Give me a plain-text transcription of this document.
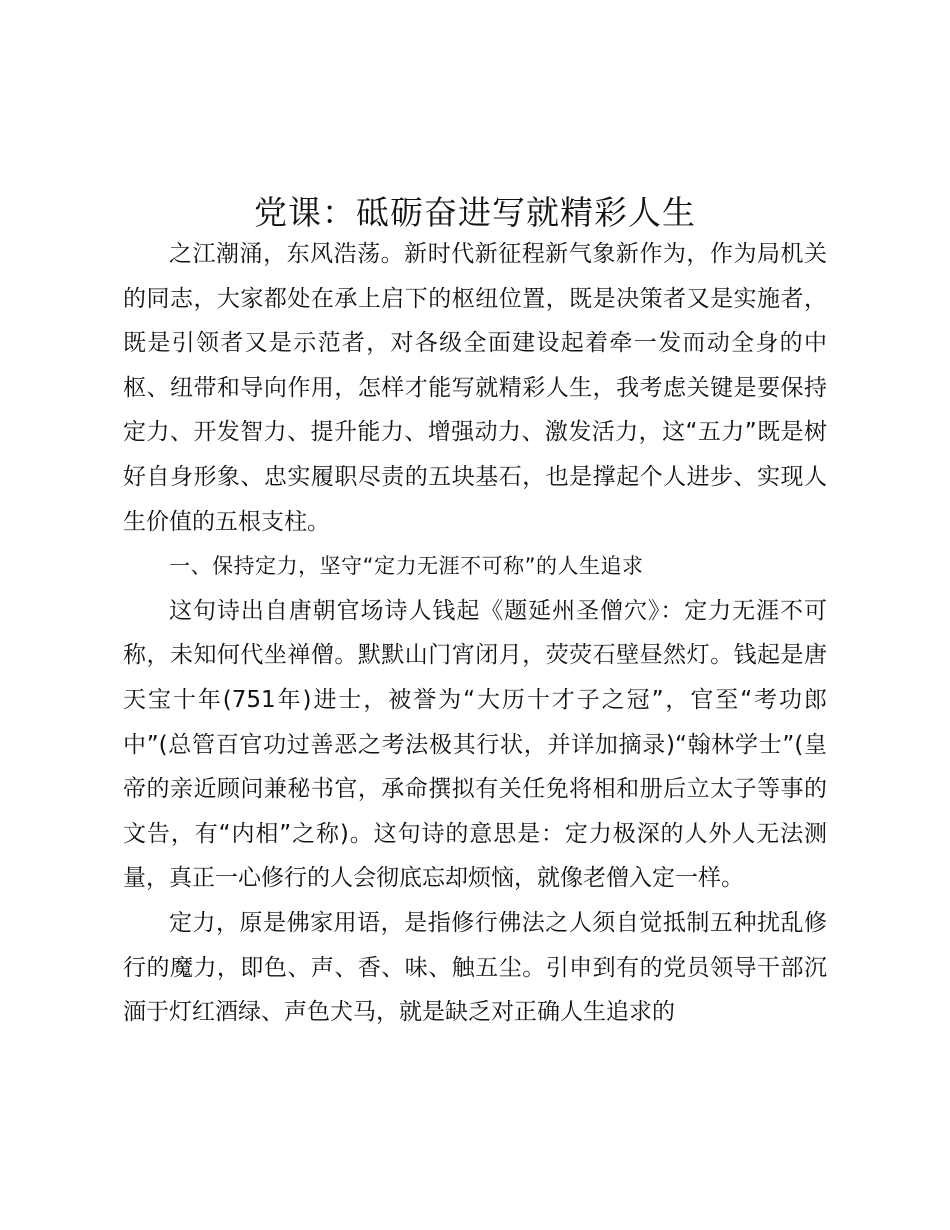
党课：砥砺奋进写就精彩人生

之江潮涌，东风浩荡。新时代新征程新气象新作为，作为局机关的同志，大家都处在承上启下的枢纽位置，既是决策者又是实施者，既是引领者又是示范者，对各级全面建设起着牵一发而动全身的中枢、纽带和导向作用，怎样才能写就精彩人生，我考虑关键是要保持定力、开发智力、提升能力、增强动力、激发活力，这“五力”既是树好自身形象、忠实履职尽责的五块基石，也是撑起个人进步、实现人生价值的五根支柱。

一、保持定力，坚守“定力无涯不可称”的人生追求

这句诗出自唐朝官场诗人钱起《题延州圣僧穴》：定力无涯不可称，未知何代坐禅僧。默默山门宵闭月，荧荧石壁昼然灯。钱起是唐天宝十年(751年)进士，被誉为“大历十才子之冠”，官至“考功郎中”(总管百官功过善恶之考法极其行状，并详加摘录)“翰林学士”(皇帝的亲近顾问兼秘书官，承命撰拟有关任免将相和册后立太子等事的文告，有“内相”之称)。这句诗的意思是：定力极深的人外人无法测量，真正一心修行的人会彻底忘却烦恼，就像老僧入定一样。

定力，原是佛家用语，是指修行佛法之人须自觉抵制五种扰乱修行的魔力，即色、声、香、味、触五尘。引申到有的党员领导干部沉湎于灯红酒绿、声色犬马，就是缺乏对正确人生追求的
